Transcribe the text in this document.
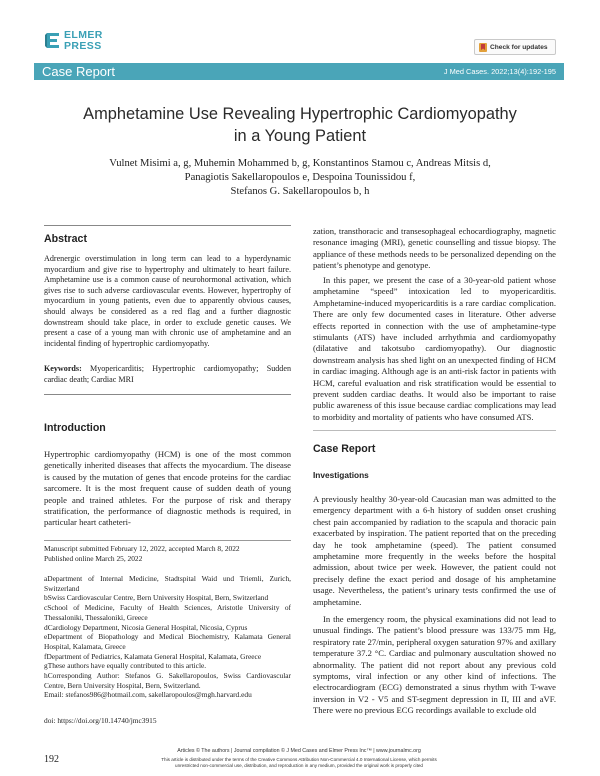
ELMER
PRESS	Check for updates
Case Report	J Med Cases. 2022;13(4):192-195
Amphetamine Use Revealing Hypertrophic Cardiomyopathy
in a Young Patient
Vulnet Misimi a, g, Muhemin Mohammed b, g, Konstantinos Stamou c, Andreas Mitsis d,
Panagiotis Sakellaropoulos e, Despoina Tounissidou f,
Stefanos G. Sakellaropoulos b, h
Abstract
Adrenergic overstimulation in long term can lead to a hyperdynamic myocardium and give rise to hypertrophy and ultimately to heart failure. Amphetamine use is a common cause of neurohormonal activation, which gives rise to such adverse cardiovascular events. However, hypertrophy of myocardium in young patients, even due to apparently obvious causes, should always be considered as a red flag and a further diagnostic downstream should take place, in order to exclude genetic causes. We present a case of a young man with chronic use of amphetamine and an incidental finding of hypertrophic cardiomyopathy.
Keywords: Myopericarditis; Hypertrophic cardiomyopathy; Sudden cardiac death; Cardiac MRI
Introduction
Hypertrophic cardiomyopathy (HCM) is one of the most common genetically inherited diseases that affects the myocardium. The disease is caused by the mutation of genes that encode proteins for the cardiac sarcomere. It is the most frequent cause of sudden death of young people and trained athletes. For the purpose of risk and therapy stratification, the performance of diagnostic methods is required, in particular heart catheteri-
Manuscript submitted February 12, 2022, accepted March 8, 2022
Published online March 25, 2022
aDepartment of Internal Medicine, Stadtspital Waid und Triemli, Zurich, Switzerland
bSwiss Cardiovascular Centre, Bern University Hospital, Bern, Switzerland
cSchool of Medicine, Faculty of Health Sciences, Aristotle University of Thessaloniki, Thessaloniki, Greece
dCardiology Department, Nicosia General Hospital, Nicosia, Cyprus
eDepartment of Biopathology and Medical Biochemistry, Kalamata General Hospital, Kalamata, Greece
fDepartment of Pediatrics, Kalamata General Hospital, Kalamata, Greece
gThese authors have equally contributed to this article.
hCorresponding Author: Stefanos G. Sakellaropoulos, Swiss Cardiovascular Centre, Bern University Hospital, Bern, Switzerland.
Email: stefanos986@hotmail.com, sakellaropoulos@mgh.harvard.edu
doi: https://doi.org/10.14740/jmc3915
zation, transthoracic and transesophageal echocardiography, magnetic resonance imaging (MRI), genetic counselling and tissue biopsy. The appliance of these methods needs to be personalized depending on the patient’s phenotype and genotype.
In this paper, we present the case of a 30-year-old patient whose amphetamine “speed” intoxication led to myopericarditis. Amphetamine-induced myopericarditis is a rare cardiac complication. There are only few documented cases in literature. Other adverse effects reported in connection with the use of amphetamine-type stimulants (ATS) have included arrhythmia and cardiomyopathy (dilatative and takotsubo cardiomyopathy). Our diagnostic downstream analysis has shed light on an unexpected finding of HCM in cardiac imaging. Although age is an anti-risk factor in patients with HCM, careful evaluation and risk stratification would be essential to prevent sudden cardiac deaths. It would also be important to raise public awareness of this issue because cardiac complications may lead to morbidity and mortality of patients who have consumed ATS.
Case Report
Investigations
A previously healthy 30-year-old Caucasian man was admitted to the emergency department with a 6-h history of sudden onset crushing chest pain accompanied by radiation to the scapula and thoracic pain exacerbated by inspiration. The patient reported that on the preceding day he took amphetamine (speed). The patient consumed amphetamine more frequently in the weeks before the hospital admission, about twice per week. However, the patient could not precisely define the exact period and dosage of his amphetamine usage. Nevertheless, the patient’s urinary tests confirmed the use of amphetamine.
In the emergency room, the physical examinations did not lead to unusual findings. The patient’s blood pressure was 133/75 mm Hg, respiratory rate 27/min, peripheral oxygen saturation 97% and axillary temperature 37.2 °C. Cardiac and pulmonary auscultation showed no abnormality. The patient did not report about any previous cold symptoms, viral infection or any other kind of infections. The electrocardiogram (ECG) demonstrated a sinus rhythm with T-wave inversion in V2 - V5 and ST-segment depression in II, III and aVF. There were no previous ECG recordings available to exclude old
Articles © The authors | Journal compilation © J Med Cases and Elmer Press Inc™ | www.journalmc.org
This article is distributed under the terms of the Creative Commons Attribution Non-Commercial 4.0 International License, which permits
unrestricted non-commercial use, distribution, and reproduction in any medium, provided the original work is properly cited
192
